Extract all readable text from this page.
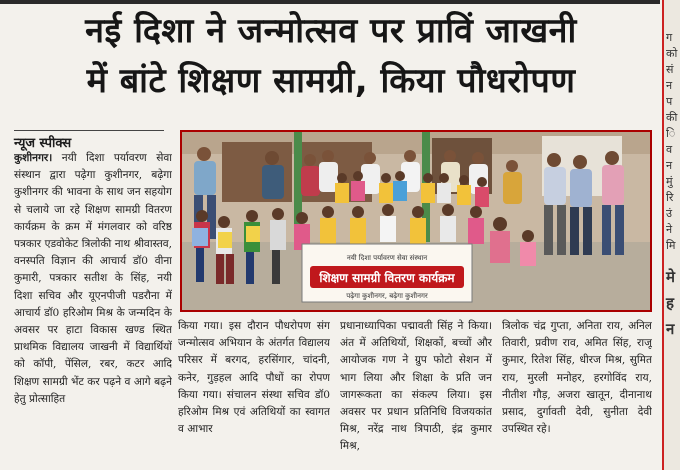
नई दिशा ने जन्मोत्सव पर प्राविं जाखनी
में बांटे शिक्षण सामग्री, किया पौधरोपण
न्यूज स्पीक्स
कुशीनगर। नयी दिशा पर्यावरण सेवा संस्थान द्वारा पढ़ेगा कुशीनगर, बढ़ेगा कुशीनगर की भावना के साथ जन सहयोग से चलाये जा रहे शिक्षण सामग्री वितरण कार्यक्रम के क्रम में मंगलवार को वरिष्ठ पत्रकार एडवोकेट त्रिलोकी नाथ श्रीवास्तव, वनस्पति विज्ञान की आचार्य डॉ0 वीना कुमारी, पत्रकार सतीश के सिंह, नयी दिशा सचिव और यूएनपीजी पडरौना में आचार्य डॉ0 हरिओम मिश्र के जन्मदिन के अवसर पर हाटा विकास खण्ड स्थित प्राथमिक विद्यालय जाखनी में विद्यार्थियों को कॉपी, पेंसिल, रबर, कटर आदि शिक्षण सामग्री भेंट कर पढ़ने व आगे बढ़ने हेतु प्रोत्साहित
नयी दिशा पर्यावरण सेवा संस्थान
शिक्षण सामग्री वितरण कार्यक्रम
पढ़ेगा कुशीनगर, बढ़ेगा कुशीनगर
किया गया। इस दौरान पौधरोपण संग जन्मोत्सव अभियान के अंतर्गत विद्यालय परिसर में बरगद, हरसिंगार, चांदनी, कनेर, गुड़हल आदि पौधों का रोपण किया गया। संचालन संस्था सचिव डॉ0 हरिओम मिश्र एवं अतिथियों का स्वागत व आभार
प्रधानाध्यापिका पद्मावती सिंह ने किया। अंत में अतिथियों, शिक्षकों, बच्चों और आयोजक गण ने ग्रुप फोटो सेशन में भाग लिया और शिक्षा के प्रति जन जागरूकता का संकल्प लिया। इस अवसर पर प्रधान प्रतिनिधि विजयकांत मिश्र, नरेंद्र नाथ त्रिपाठी, इंद्र कुमार मिश्र,
त्रिलोक चंद्र गुप्ता, अनिता राय, अनिल तिवारी, प्रवीण राव, अमित सिंह, राजू कुमार, रितेश सिंह, धीरज मिश्र, सुमित राय, मुरली मनोहर, हरगोविंद राय, नीतीश गौड़, अजरा खातून, दीनानाथ प्रसाद, दुर्गावती देवी, सुनीता देवी उपस्थित रहे।
ग
को
सं
न
प
की
ि
व
न
मुं
रि
उं
ने
मि
मे
ह
न
